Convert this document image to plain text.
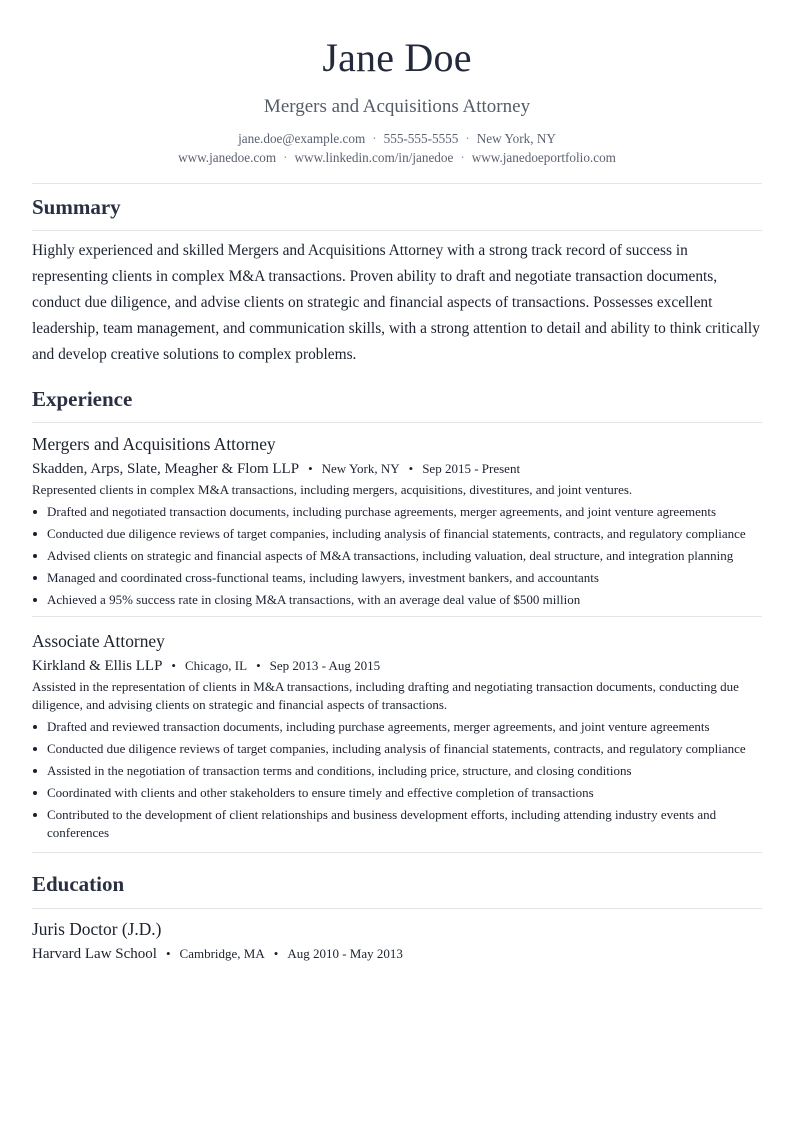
Jane Doe
Mergers and Acquisitions Attorney
jane.doe@example.com · 555-555-5555 · New York, NY
www.janedoe.com · www.linkedin.com/in/janedoe · www.janedoeportfolio.com
Summary

Highly experienced and skilled Mergers and Acquisitions Attorney with a strong track record of success in representing clients in complex M&A transactions. Proven ability to draft and negotiate transaction documents, conduct due diligence, and advise clients on strategic and financial aspects of transactions. Possesses excellent leadership, team management, and communication skills, with a strong attention to detail and ability to think critically and develop creative solutions to complex problems.

Experience
Mergers and Acquisitions Attorney
Skadden, Arps, Slate, Meagher & Flom LLP • New York, NY • Sep 2015 - Present
Represented clients in complex M&A transactions, including mergers, acquisitions, divestitures, and joint ventures.
Drafted and negotiated transaction documents, including purchase agreements, merger agreements, and joint venture agreements
Conducted due diligence reviews of target companies, including analysis of financial statements, contracts, and regulatory compliance
Advised clients on strategic and financial aspects of M&A transactions, including valuation, deal structure, and integration planning
Managed and coordinated cross-functional teams, including lawyers, investment bankers, and accountants
Achieved a 95% success rate in closing M&A transactions, with an average deal value of $500 million
Associate Attorney
Kirkland & Ellis LLP • Chicago, IL • Sep 2013 - Aug 2015
Assisted in the representation of clients in M&A transactions, including drafting and negotiating transaction documents, conducting due diligence, and advising clients on strategic and financial aspects of transactions.
Drafted and reviewed transaction documents, including purchase agreements, merger agreements, and joint venture agreements
Conducted due diligence reviews of target companies, including analysis of financial statements, contracts, and regulatory compliance
Assisted in the negotiation of transaction terms and conditions, including price, structure, and closing conditions
Coordinated with clients and other stakeholders to ensure timely and effective completion of transactions
Contributed to the development of client relationships and business development efforts, including attending industry events and conferences
Education
Juris Doctor (J.D.)
Harvard Law School • Cambridge, MA • Aug 2010 - May 2013
